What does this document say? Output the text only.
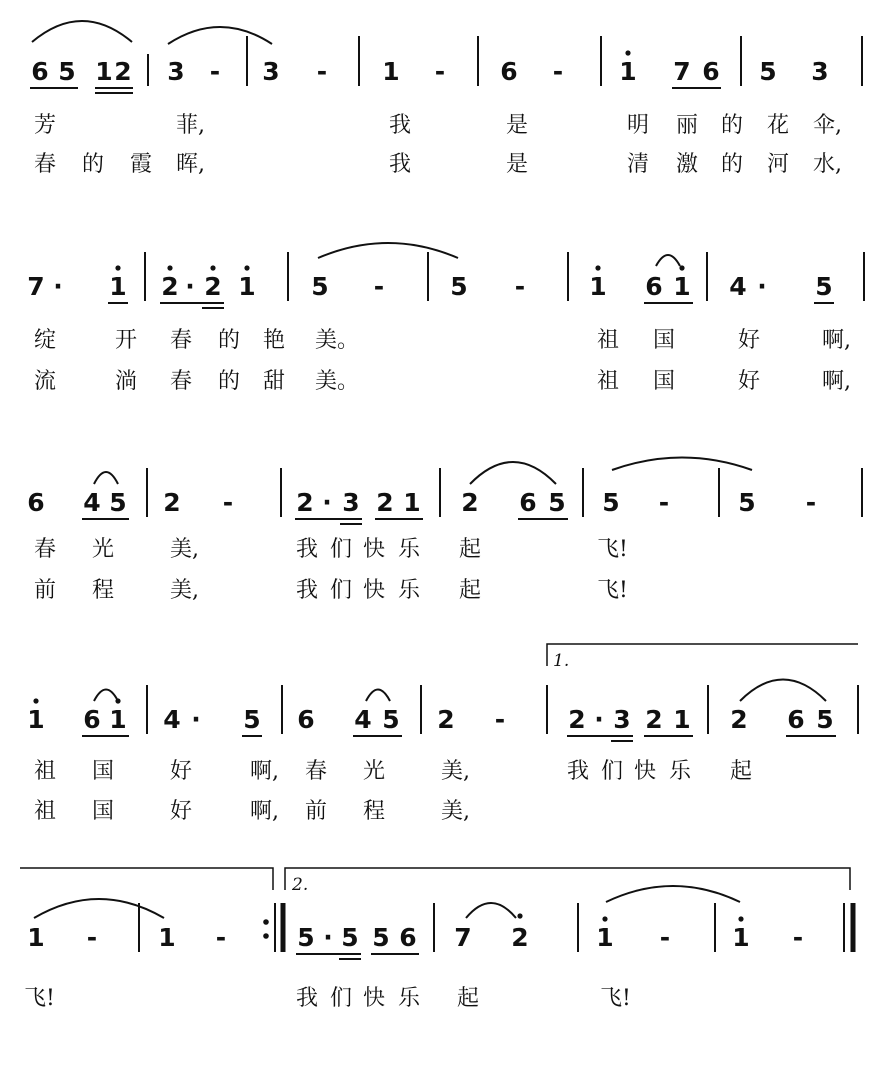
6 5 1 2 3 - 3 - 1 - 6 - 1 7 6 5 3
芳	菲,	我	是	明 丽 的 花 伞,
春 的 霞 晖,	我	是	清 激 的 河 水,
7 · 1 2 · 2 1 5 -	5 -	1 6 1 4 · 5
绽	开 春 的 艳 美。	祖 国	好	啊,
流	淌 春 的 甜 美。	祖 国	好	啊,
6 4 5 2 -	2 · 3 2 1 2 6 5 5 -	5 -
春 光	美,	我 们 快 乐 起	飞!
前 程	美,	我 们 快 乐 起	飞!
1.
1 6 1 4 · 5 6 4 5 2 -	2 · 3 2 1 2 6 5
祖 国	好	啊, 春 光	美,	我 们 快 乐 起
祖 国	好	啊, 前 程	美,
2.
1 - 1 -	5 · 5 5 6 7 2	1 - 1 -
飞!	我 们 快 乐 起	飞!
